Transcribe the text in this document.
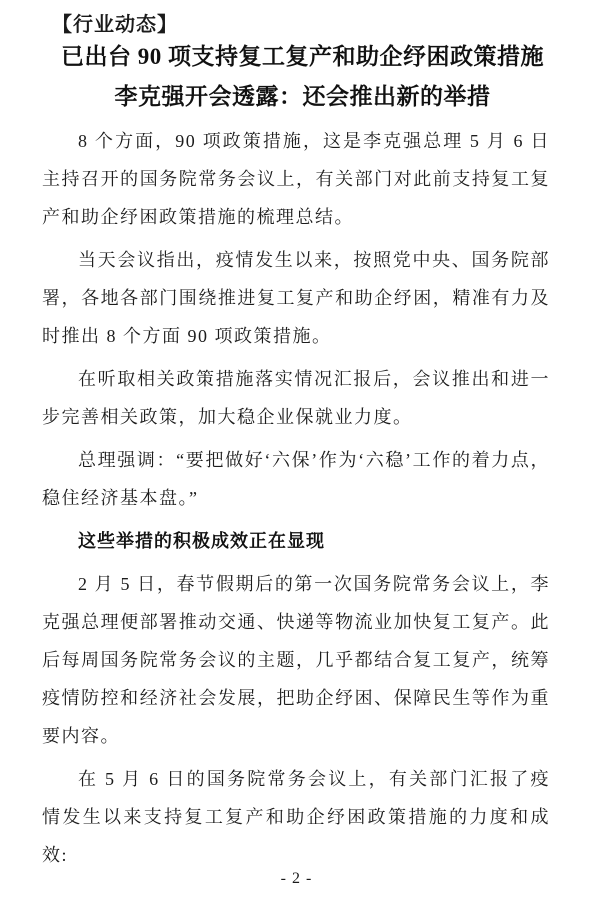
【行业动态】
已出台 90 项支持复工复产和助企纾困政策措施
李克强开会透露：还会推出新的举措

8 个方面，90 项政策措施，这是李克强总理 5 月 6 日主持召开的国务院常务会议上，有关部门对此前支持复工复产和助企纾困政策措施的梳理总结。

当天会议指出，疫情发生以来，按照党中央、国务院部署，各地各部门围绕推进复工复产和助企纾困，精准有力及时推出 8 个方面 90 项政策措施。

在听取相关政策措施落实情况汇报后，会议推出和进一步完善相关政策，加大稳企业保就业力度。

总理强调：“要把做好‘六保’作为‘六稳’工作的着力点，稳住经济基本盘。”

这些举措的积极成效正在显现

2 月 5 日，春节假期后的第一次国务院常务会议上，李克强总理便部署推动交通、快递等物流业加快复工复产。此后每周国务院常务会议的主题，几乎都结合复工复产，统筹疫情防控和经济社会发展，把助企纾困、保障民生等作为重要内容。

在 5 月 6 日的国务院常务会议上，有关部门汇报了疫情发生以来支持复工复产和助企纾困政策措施的力度和成效:

- 2 -
